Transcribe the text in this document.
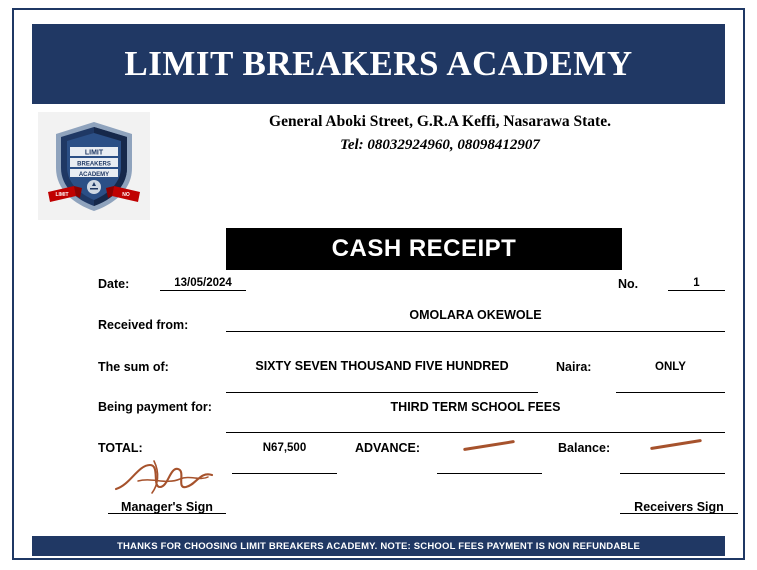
LIMIT BREAKERS ACADEMY
LIMIT
BREAKERS
ACADEMY
LIMIT	NO
General Aboki Street, G.R.A Keffi, Nasarawa State.
Tel: 08032924960, 08098412907
CASH RECEIPT
Date:	13/05/2024	No.	1
Received from:
OMOLARA OKEWOLE
The sum of:	SIXTY SEVEN THOUSAND FIVE HUNDRED	Naira:	ONLY
Being payment for:	THIRD TERM SCHOOL FEES
TOTAL:	N67,500	ADVANCE:	Balance:
Manager's Sign	Receivers Sign
THANKS FOR CHOOSING LIMIT BREAKERS ACADEMY. NOTE: SCHOOL FEES PAYMENT IS NON REFUNDABLE
